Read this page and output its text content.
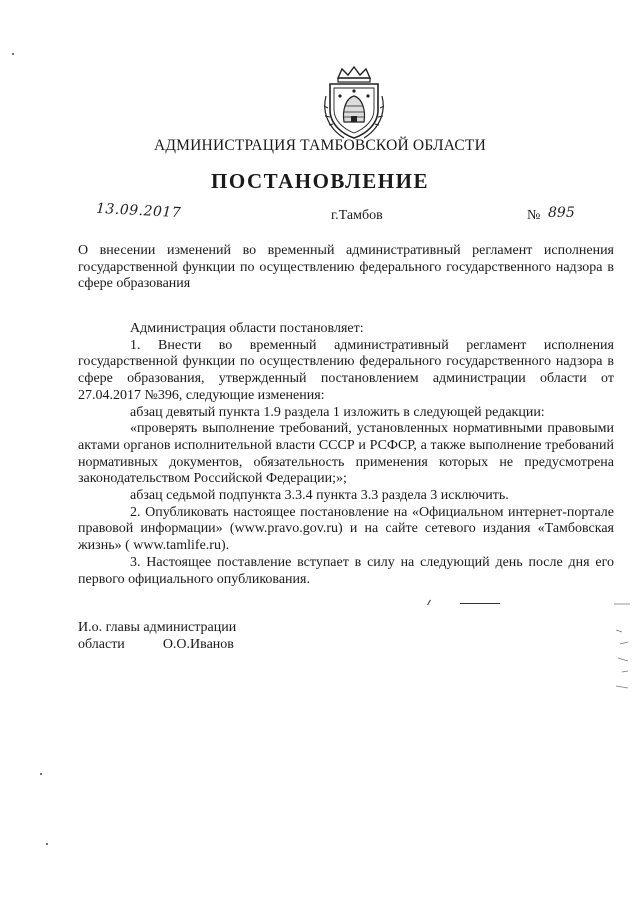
АДМИНИСТРАЦИЯ ТАМБОВСКОЙ ОБЛАСТИ
ПОСТАНОВЛЕНИЕ
13.09.2017	г.Тамбов	№ 895
О внесении изменений во временный административный регламент исполнения государственной функции по осуществлению федерального государственного надзора в сфере образования

Администрация области постановляет:

1. Внести во временный административный регламент исполнения государственной функции по осуществлению федерального государственного надзора в сфере образования, утвержденный постановлением администрации области от 27.04.2017 №396, следующие изменения:

абзац девятый пункта 1.9 раздела 1 изложить в следующей редакции:

«проверять выполнение требований, установленных нормативными правовыми актами органов исполнительной власти СССР и РСФСР, а также выполнение требований нормативных документов, обязательность применения которых не предусмотрена законодательством Российской Федерации;»;

абзац седьмой подпункта 3.3.4 пункта 3.3 раздела 3 исключить.

2. Опубликовать настоящее постановление на «Официальном интернет-портале правовой информации» (www.pravo.gov.ru) и на сайте сетевого издания «Тамбовская жизнь» ( www.tamlife.ru).

3. Настоящее поставление вступает в силу на следующий день после дня его первого официального опубликования.

И.о. главы администрации
области	О.О.Иванов
